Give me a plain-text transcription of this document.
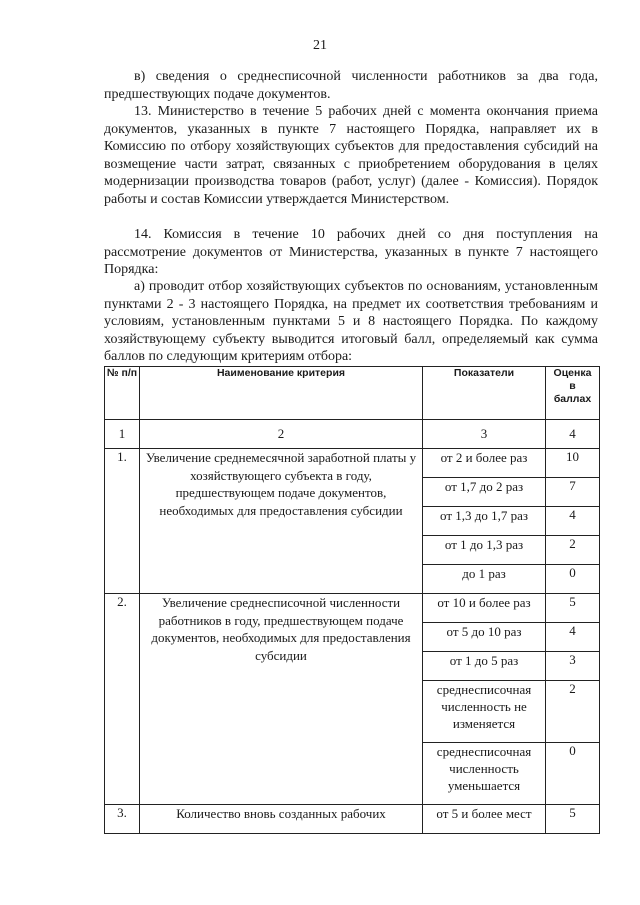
21

в) сведения о среднесписочной численности работников за два года, предшествующих подаче документов.

13. Министерство в течение 5 рабочих дней с момента окончания приема документов, указанных в пункте 7 настоящего Порядка, направляет их в Комиссию по отбору хозяйствующих субъектов для предоставления субсидий на возмещение части затрат, связанных с приобретением оборудования в целях модернизации производства товаров (работ, услуг) (далее - Комиссия). Порядок работы и состав Комиссии утверждается Министерством.

14. Комиссия в течение 10 рабочих дней со дня поступления на рассмотрение документов от Министерства, указанных в пункте 7 настоящего Порядка:

а) проводит отбор хозяйствующих субъектов по основаниям, установленным пунктами 2 - 3 настоящего Порядка, на предмет их соответствия требованиям и условиям, установленным пунктами 5 и 8 настоящего Порядка. По каждому хозяйствующему субъекту выводится итоговый балл, определяемый как сумма баллов по следующим критериям отбора:

№ п/п	Наименование критерия	Показатели	Оценка в баллах
1	2	3	4
1.	Увеличение среднемесячной заработной платы у хозяйствующего субъекта в году, предшествующем подаче документов, необходимых для предоставления субсидии	от 2 и более раз	10
		от 1,7 до 2 раз	7
		от 1,3 до 1,7 раз	4
		от 1 до 1,3 раз	2
		до 1 раз	0
2.	Увеличение среднесписочной численности работников в году, предшествующем подаче документов, необходимых для предоставления субсидии	от 10 и более раз	5
		от 5 до 10 раз	4
		от 1 до 5 раз	3
		среднесписочная численность не изменяется	2
		среднесписочная численность уменьшается	0
3.	Количество вновь созданных рабочих	от 5 и более мест	5
